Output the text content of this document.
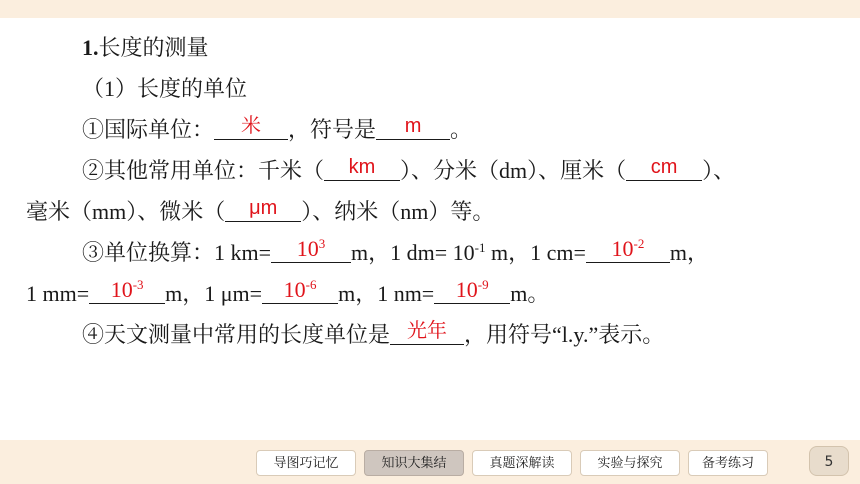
1.长度的测量
（1）长度的单位
①国际单位：	米	，符号是	m	。
②其他常用单位：千米（	km	）、分米（dm）、厘米（	cm	）、
毫米（mm）、微米（	μm	）、纳米（nm）等。
③单位换算：1 km=	$10^3$	m，1 $dm= 10^{-1}$ m，1 cm=	$10^{-2}$	m，
1 $mm= 10^{-3}$ m，1 $\mu m= 10^{-6}$ m，1 $nm= 10^{-9}$ m。
④天文测量中常用的长度单位是 光年 ，用符号“l.y.”表示。
导图巧记忆	知识大集结	真题深解读	实验与探究	备考练习	5
